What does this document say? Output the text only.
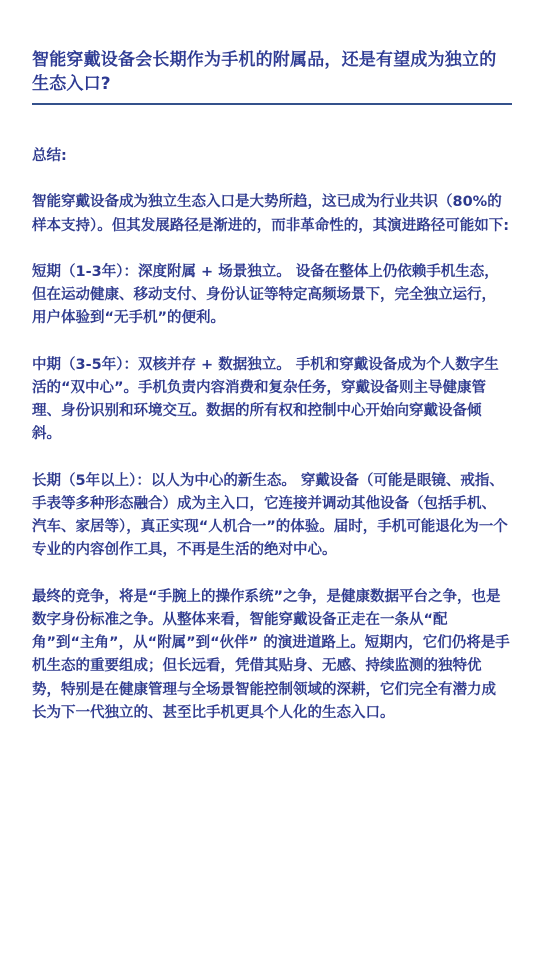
智能穿戴设备会长期作为手机的附属品，还是有望成为独立的生态入口?

总结:

智能穿戴设备成为独立生态入口是大势所趋，这已成为行业共识（80%的样本支持）。但其发展路径是渐进的，而非革命性的，其演进路径可能如下:

短期（1-3年）：深度附属 + 场景独立。 设备在整体上仍依赖手机生态，但在运动健康、移动支付、身份认证等特定高频场景下，完全独立运行，用户体验到“无手机”的便利。

中期（3-5年）：双核并存 + 数据独立。 手机和穿戴设备成为个人数字生活的“双中心”。手机负责内容消费和复杂任务，穿戴设备则主导健康管理、身份识别和环境交互。数据的所有权和控制中心开始向穿戴设备倾斜。

长期（5年以上）：以人为中心的新生态。 穿戴设备（可能是眼镜、戒指、手表等多种形态融合）成为主入口，它连接并调动其他设备（包括手机、汽车、家居等），真正实现“人机合一”的体验。届时，手机可能退化为一个专业的内容创作工具，不再是生活的绝对中心。

最终的竞争，将是“手腕上的操作系统”之争，是健康数据平台之争，也是数字身份标准之争。从整体来看，智能穿戴设备正走在一条从“配角”到“主角”，从“附属”到“伙伴” 的演进道路上。短期内，它们仍将是手机生态的重要组成；但长远看，凭借其贴身、无感、持续监测的独特优势，特别是在健康管理与全场景智能控制领域的深耕，它们完全有潜力成长为下一代独立的、甚至比手机更具个人化的生态入口。
